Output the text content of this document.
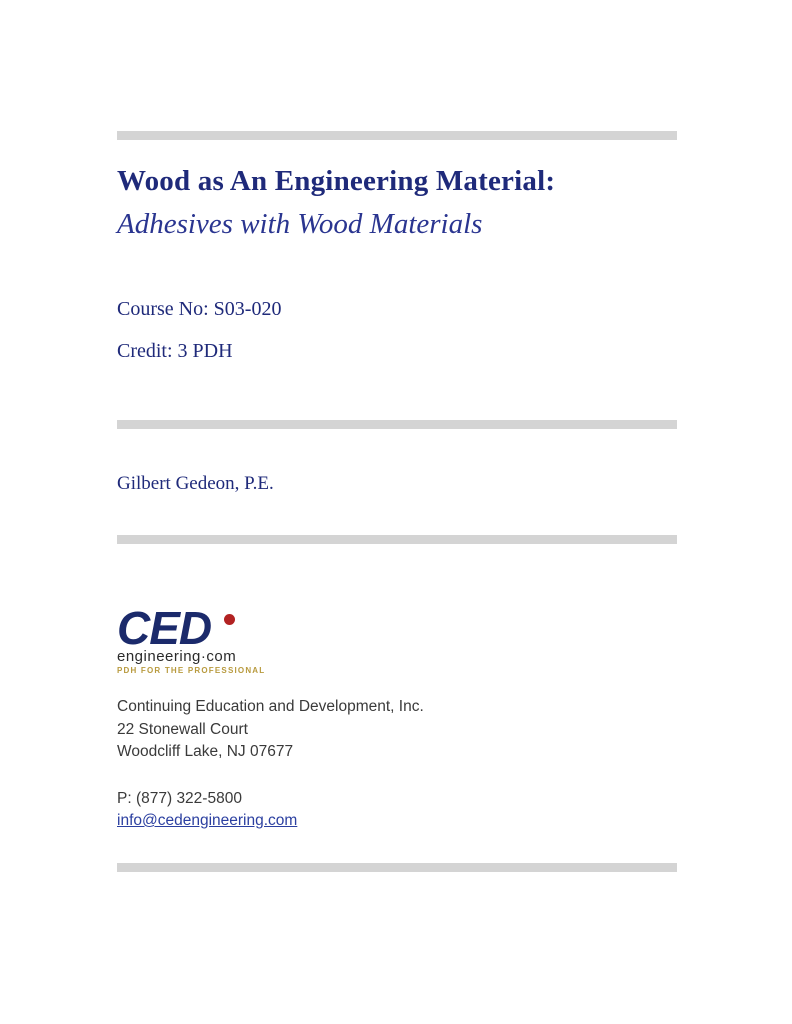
Wood as An Engineering Material:
Adhesives with Wood Materials
Course No: S03-020
Credit: 3 PDH
Gilbert Gedeon, P.E.
CED
engineering·com
PDH FOR THE PROFESSIONAL
Continuing Education and Development, Inc.
22 Stonewall Court
Woodcliff Lake, NJ 07677
P: (877) 322-5800
info@cedengineering.com
